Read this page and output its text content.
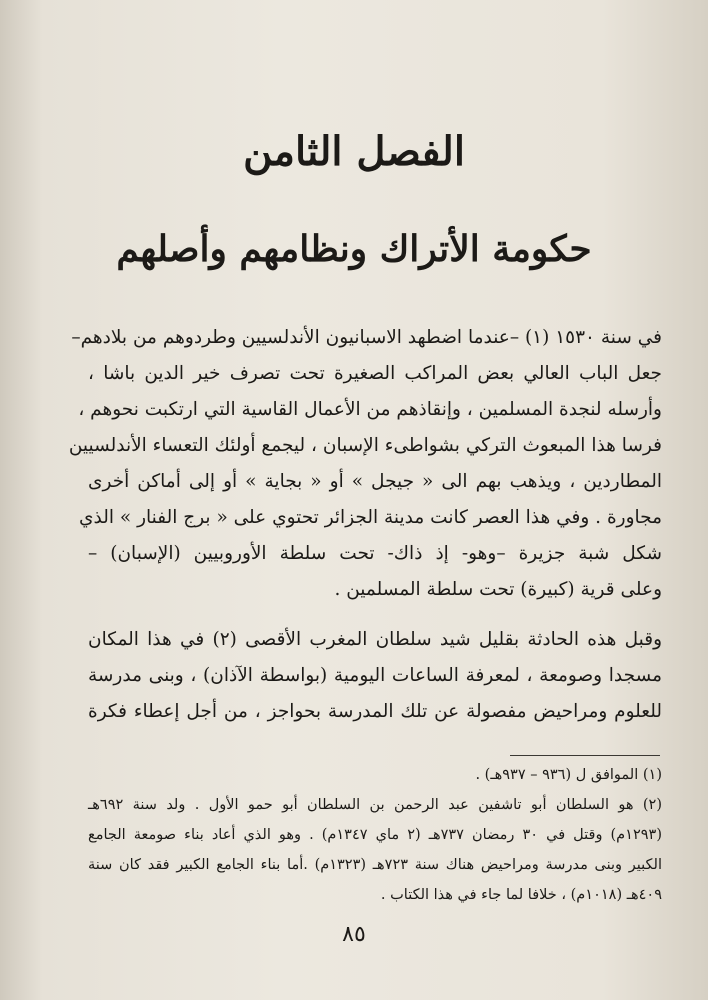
الفصل الثامن
حكومة الأتراك ونظامهم وأصلهم
في سنة ١٥٣٠ (١) –عندما اضطهد الاسبانيون الأندلسيين وطردوهم من بلادهم–
جعل الباب العالي بعض المراكب الصغيرة تحت تصرف خير الدين باشا ،
وأرسله لنجدة المسلمين ، وإنقاذهم من الأعمال القاسية التي ارتكبت نحوهم ،
فرسا هذا المبعوث التركي بشواطىء الإسبان ، ليجمع أولئك التعساء الأندلسيين
المطاردين ، ويذهب بهم الى « جيجل » أو « بجاية » أو إلى أماكن أخرى
مجاورة . وفي هذا العصر كانت مدينة الجزائر تحتوي على « برج الفنار » الذي
شكل شبة جزيرة –وهو- إذ ذاك- تحت سلطة الأوروبيين (الإسبان) –
وعلى قرية (كبيرة) تحت سلطة المسلمين .
وقبل هذه الحادثة بقليل شيد سلطان المغرب الأقصى (٢) في هذا المكان
مسجدا وصومعة ، لمعرفة الساعات اليومية (بواسطة الآذان) ، وبنى مدرسة
للعلوم ومراحيض مفصولة عن تلك المدرسة بحواجز ، من أجل إعطاء فكرة
(١) الموافق ل (٩٣٦ – ٩٣٧هـ) .
(٢) هو السلطان أبو تاشفين عبد الرحمن بن السلطان أبو حمو الأول . ولد سنة ٦٩٢هـ
(١٢٩٣م) وقتل في ٣٠ رمضان ٧٣٧هـ (٢ ماي ١٣٤٧م) . وهو الذي أعاد بناء صومعة الجامع
الكبير وبنى مدرسة ومراحيض هناك سنة ٧٢٣هـ (١٣٢٣م) .أما بناء الجامع الكبير فقد كان سنة
٤٠٩هـ (١٠١٨م) ، خلافا لما جاء في هذا الكتاب .
٨٥
